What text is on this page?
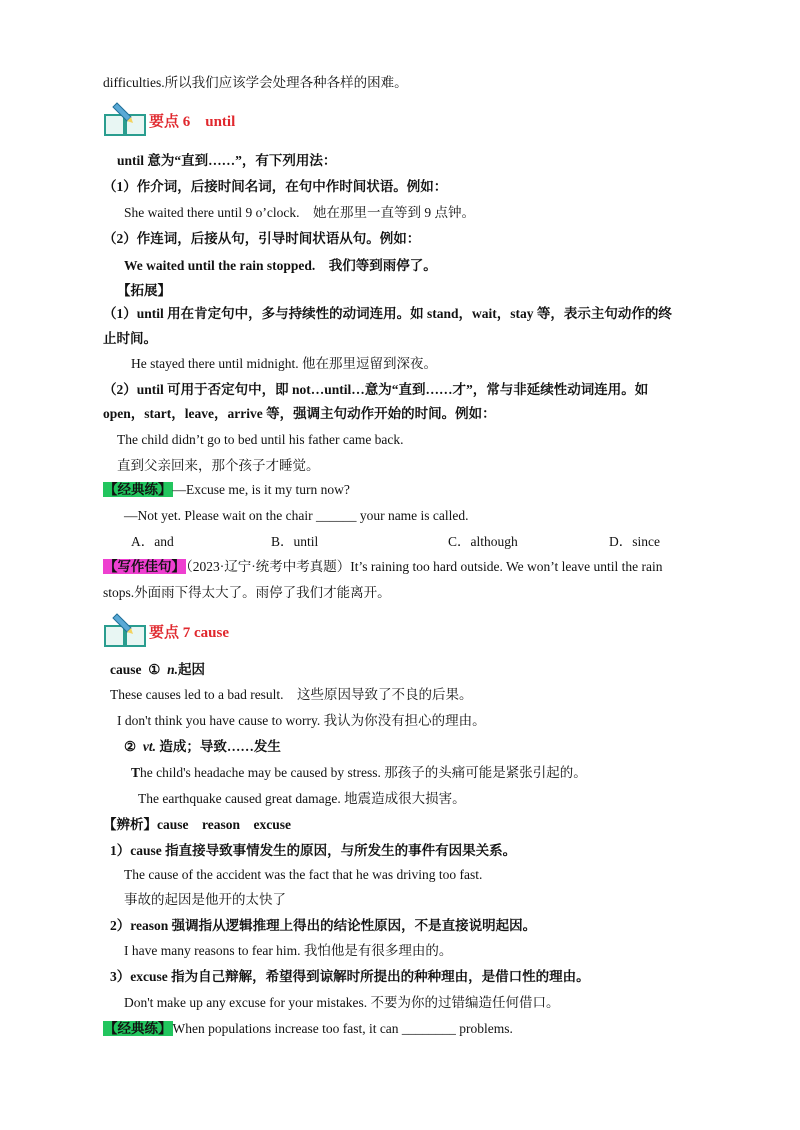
difficulties.所以我们应该学会处理各种各样的困难。
要点 6　until
until 意为“直到……”，有下列用法：
（1）作介词，后接时间名词，在句中作时间状语。例如：
She waited there until 9 o’clock.　她在那里一直等到 9 点钟。
（2）作连词，后接从句，引导时间状语从句。例如：
We waited until the rain stopped.　我们等到雨停了。
【拓展】
（1）until 用在肯定句中，多与持续性的动词连用。如 stand，wait，stay 等，表示主句动作的终
止时间。
He stayed there until midnight. 他在那里逗留到深夜。
（2）until 可用于否定句中，即 not…until…意为“直到……才”，常与非延续性动词连用。如
open，start，leave，arrive 等，强调主句动作开始的时间。例如：
The child didn’t go to bed until his father came back.
直到父亲回来，那个孩子才睡觉。
【经典练】—Excuse me, is it my turn now?
—Not yet. Please wait on the chair ______ your name is called.
A．and	B．until	C．although	D．since
【写作佳句】（2023·辽宁·统考中考真题）It’s raining too hard outside. We won’t leave until the rain
stops.外面雨下得太大了。雨停了我们才能离开。
要点 7 cause
cause ① n.起因
These causes led to a bad result.　这些原因导致了不良的后果。
I don't think you have cause to worry. 我认为你没有担心的理由。
② vt. 造成；导致……发生
The child's headache may be caused by stress. 那孩子的头痛可能是紧张引起的。
The earthquake caused great damage. 地震造成很大损害。
【辨析】cause　reason　excuse
1）cause 指直接导致事情发生的原因，与所发生的事件有因果关系。
The cause of the accident was the fact that he was driving too fast.
事故的起因是他开的太快了
2）reason 强调指从逻辑推理上得出的结论性原因，不是直接说明起因。
I have many reasons to fear him. 我怕他是有很多理由的。
3）excuse 指为自己辩解，希望得到谅解时所提出的种种理由，是借口性的理由。
Don't make up any excuse for your mistakes. 不要为你的过错编造任何借口。
【经典练】When populations increase too fast, it can ________ problems.
